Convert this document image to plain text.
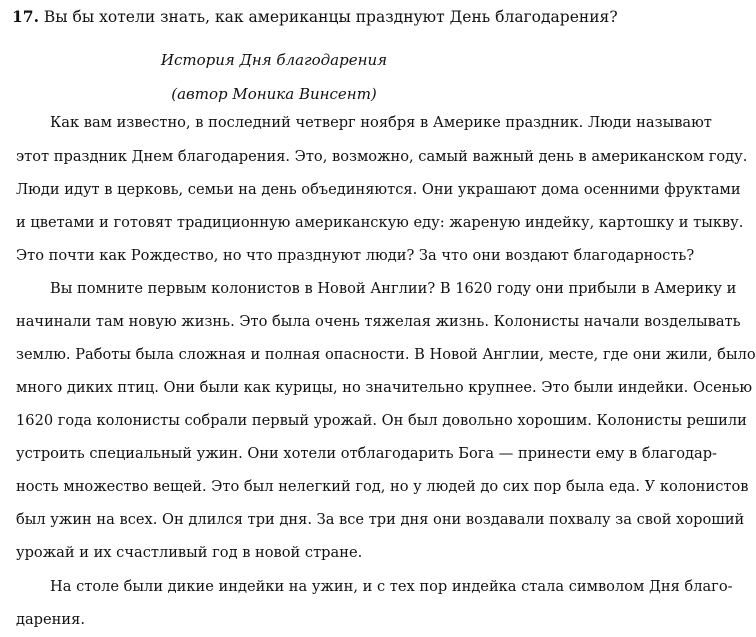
17. Вы бы хотели знать, как американцы празднуют День благодарения?
История Дня благодарения
(автор Моника Винсент)
Как вам известно, в последний четверг ноября в Америке праздник. Люди называют
этот праздник Днем благодарения. Это, возможно, самый важный день в американском году.
Люди идут в церковь, семьи на день объединяются. Они украшают дома осенними фруктами
и цветами и готовят традиционную американскую еду: жареную индейку, картошку и тыкву.
Это почти как Рождество, но что празднуют люди? За что они воздают благодарность?
Вы помните первым колонистов в Новой Англии? В 1620 году они прибыли в Америку и
начинали там новую жизнь. Это была очень тяжелая жизнь. Колонисты начали возделывать
землю. Работы была сложная и полная опасности. В Новой Англии, месте, где они жили, было
много диких птиц. Они были как курицы, но значительно крупнее. Это были индейки. Осенью
1620 года колонисты собрали первый урожай. Он был довольно хорошим. Колонисты решили
устроить специальный ужин. Они хотели отблагодарить Бога — принести ему в благодар-
ность множество вещей. Это был нелегкий год, но у людей до сих пор была еда. У колонистов
был ужин на всех. Он длился три дня. За все три дня они воздавали похвалу за свой хороший
урожай и их счастливый год в новой стране.
На столе были дикие индейки на ужин, и с тех пор индейка стала символом Дня благо-
дарения.
